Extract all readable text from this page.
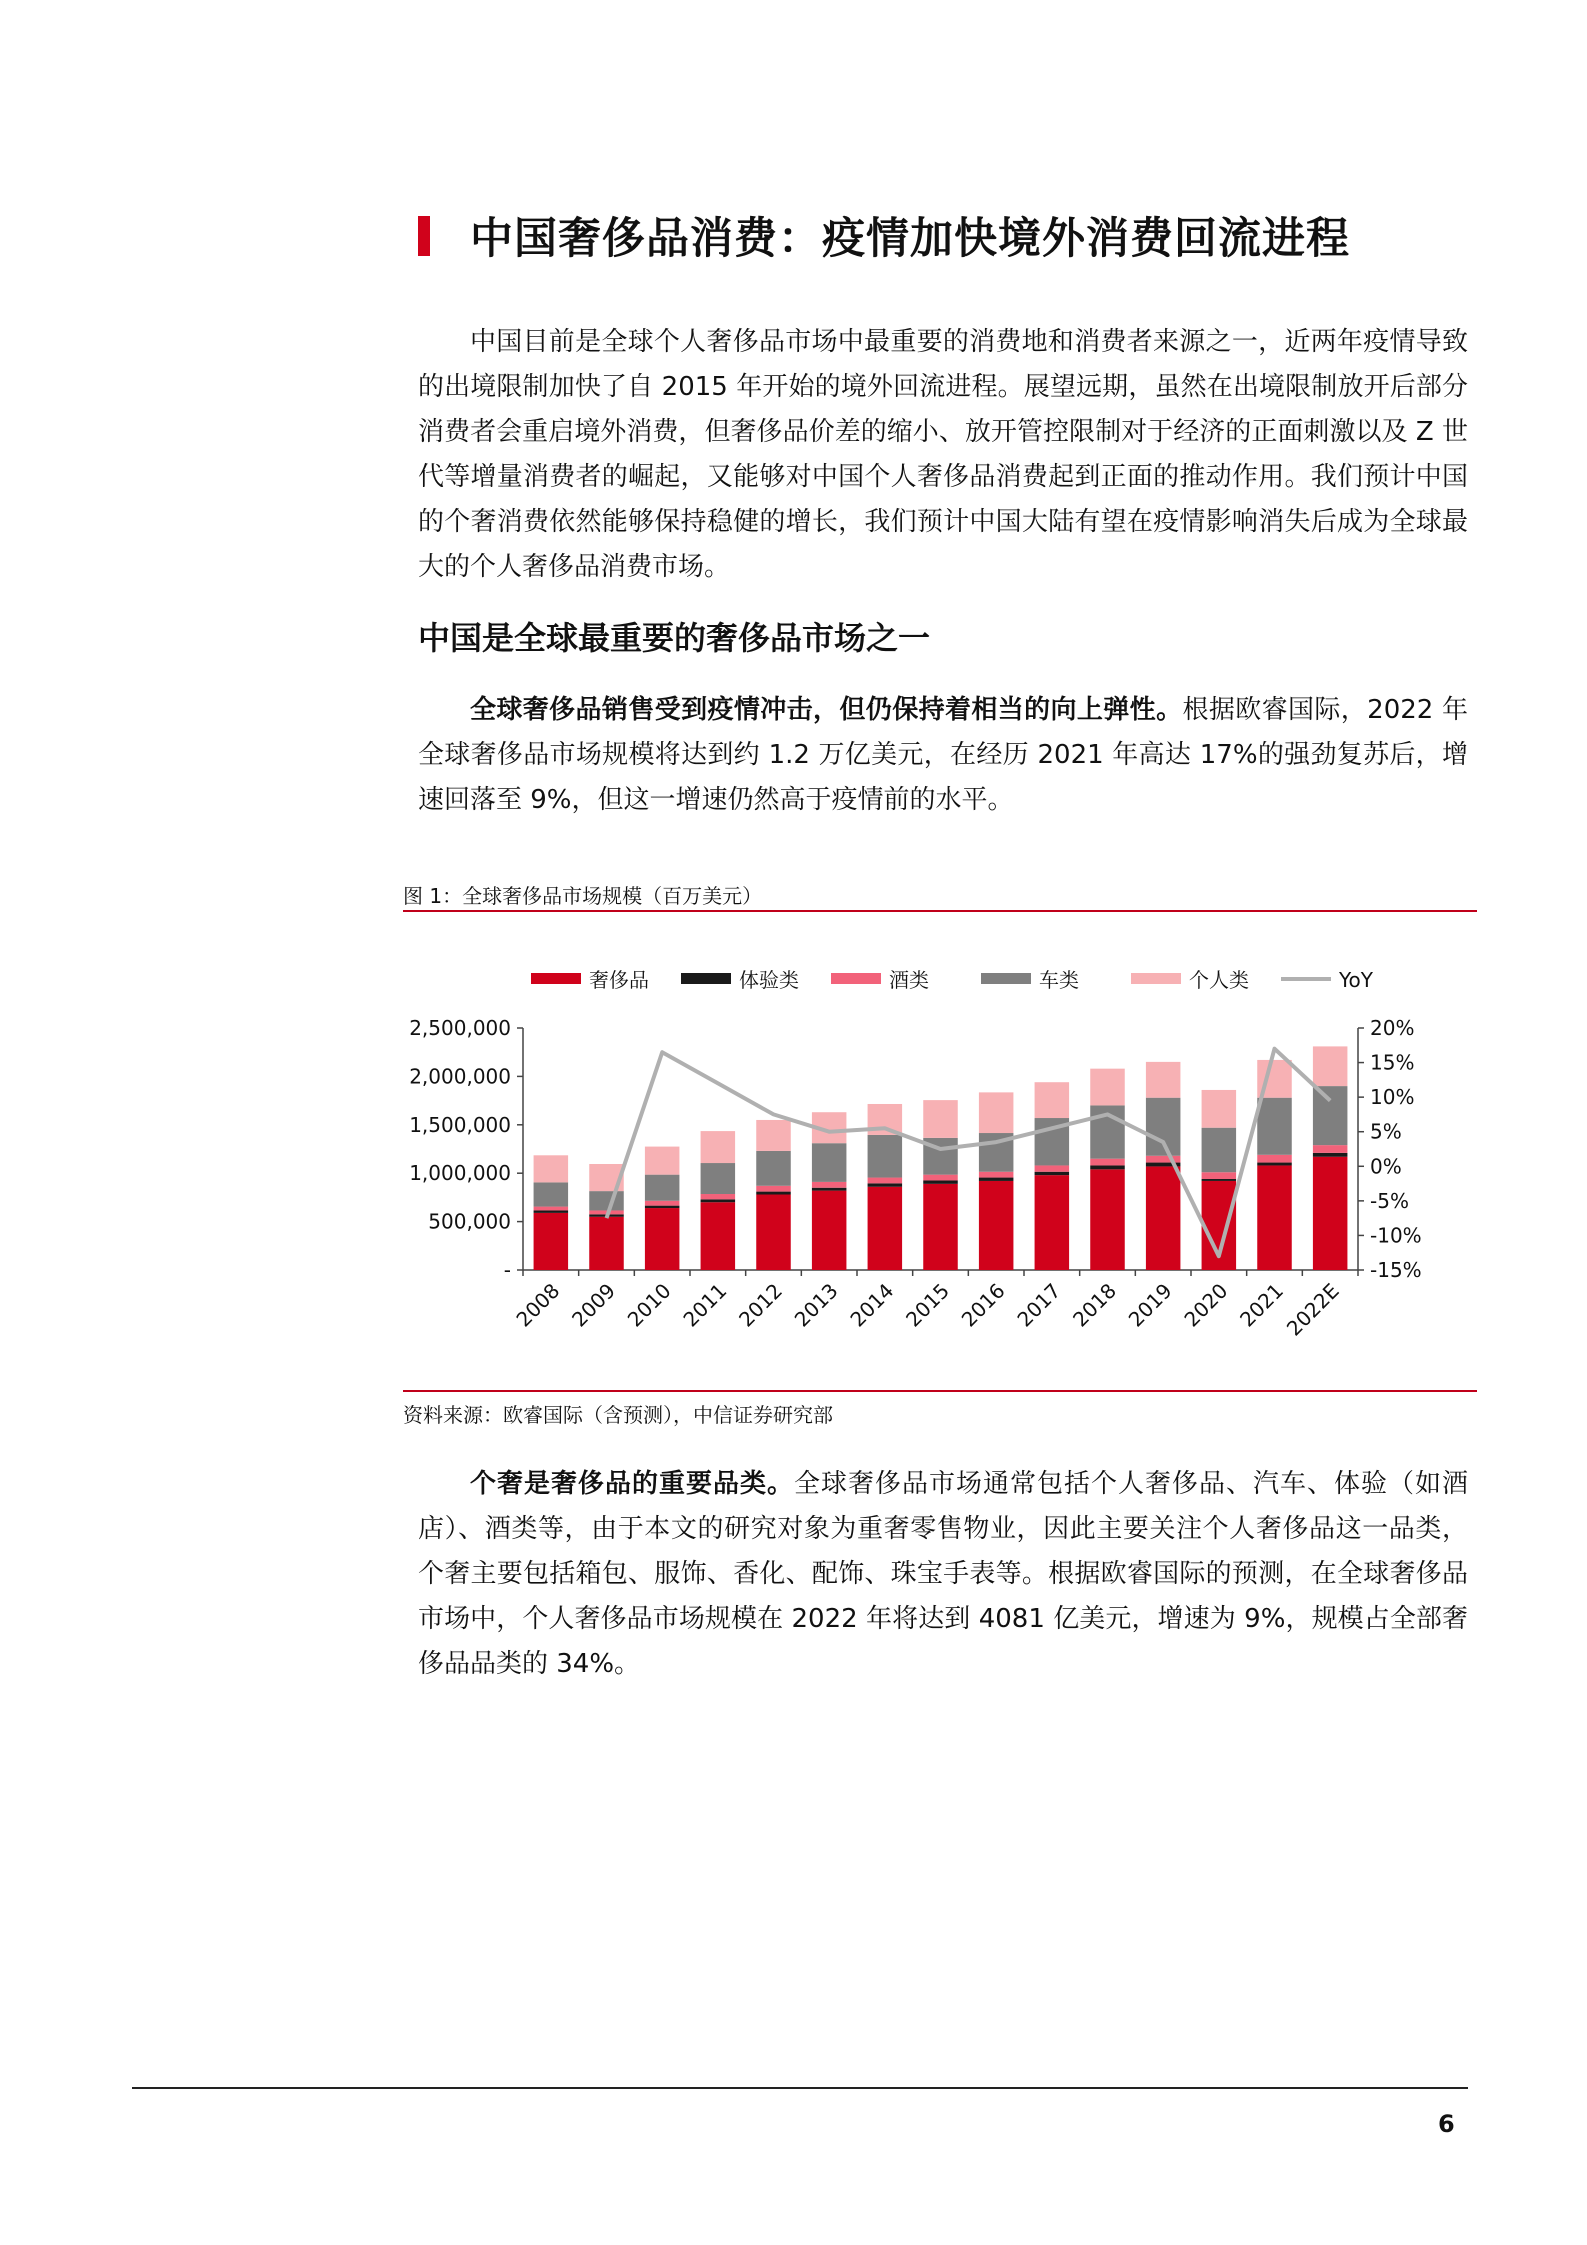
中国奢侈品消费：疫情加快境外消费回流进程

中国目前是全球个人奢侈品市场中最重要的消费地和消费者来源之一，近两年疫情导致的出境限制加快了自 2015 年开始的境外回流进程。展望远期，虽然在出境限制放开后部分消费者会重启境外消费，但奢侈品价差的缩小、放开管控限制对于经济的正面刺激以及 Z 世代等增量消费者的崛起，又能够对中国个人奢侈品消费起到正面的推动作用。我们预计中国的个奢消费依然能够保持稳健的增长，我们预计中国大陆有望在疫情影响消失后成为全球最大的个人奢侈品消费市场。

中国是全球最重要的奢侈品市场之一

全球奢侈品销售受到疫情冲击，但仍保持着相当的向上弹性。根据欧睿国际，2022 年全球奢侈品市场规模将达到约 1.2 万亿美元，在经历 2021 年高达 17%的强劲复苏后，增速回落至 9%，但这一增速仍然高于疫情前的水平。

图 1：全球奢侈品市场规模（百万美元）
-
500,000
1,000,000
1,500,000
2,000,000
2,500,000
-15%
-10%
-5%
0%
5%
10%
15%
20%
2008 2009 2010 2011 2012 2013 2014 2015 2016 2017 2018 2019 2020 2021
2022E
奢侈品	体验类	酒类	车类	个人类	YoY
资料来源：欧睿国际（含预测），中信证券研究部

个奢是奢侈品的重要品类。全球奢侈品市场通常包括个人奢侈品、汽车、体验（如酒店）、酒类等，由于本文的研究对象为重奢零售物业，因此主要关注个人奢侈品这一品类，个奢主要包括箱包、服饰、香化、配饰、珠宝手表等。根据欧睿国际的预测，在全球奢侈品市场中，个人奢侈品市场规模在 2022 年将达到 4081 亿美元，增速为 9%，规模占全部奢侈品品类的 34%。

6
